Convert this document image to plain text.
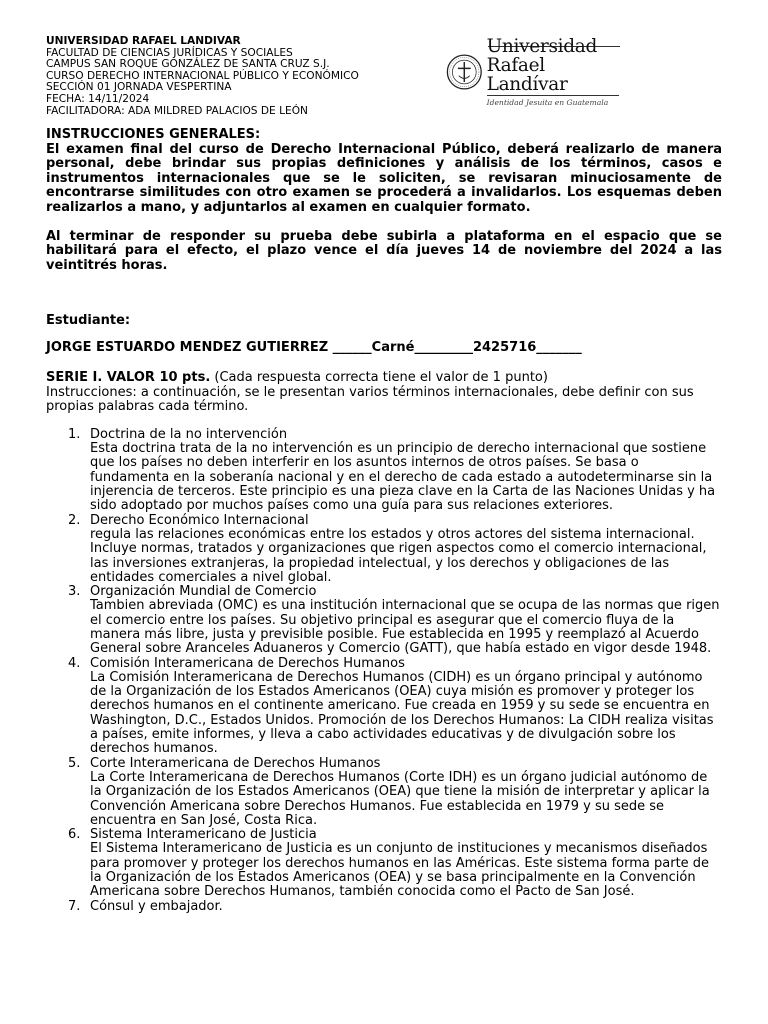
UNIVERSIDAD RAFAEL LANDIVAR
FACULTAD DE CIENCIAS JURÍDICAS Y SOCIALES
CAMPUS SAN ROQUE GONZÁLEZ DE SANTA CRUZ S.J.
CURSO DERECHO INTERNACIONAL PÚBLICO Y ECONÓMICO
SECCIÓN 01 JORNADA VESPERTINA
FECHA: 14/11/2024
FACILITADORA: ADA MILDRED PALACIOS DE LEÓN
Universidad
Rafael Landívar
Identidad Jesuita en Guatemala

INSTRUCCIONES GENERALES:

El examen final del curso de Derecho Internacional Público, deberá realizarlo de manera personal, debe brindar sus propias definiciones y análisis de los términos, casos e instrumentos internacionales que se le soliciten, se revisaran minuciosamente de encontrarse similitudes con otro examen se procederá a invalidarlos. Los esquemas deben realizarlos a mano, y adjuntarlos al examen en cualquier formato.

Al terminar de responder su prueba debe subirla a plataforma en el espacio que se habilitará para el efecto, el plazo vence el día jueves 14 de noviembre del 2024 a las veintitrés horas.

Estudiante:
JORGE ESTUARDO MENDEZ GUTIERREZ ______Carné_________2425716_______
SERIE I. VALOR 10 pts. (Cada respuesta correcta tiene el valor de 1 punto)
Instrucciones: a continuación, se le presentan varios términos internacionales, debe definir con sus propias palabras cada término.
1. Doctrina de la no intervención
Esta doctrina trata de la no intervención es un principio de derecho internacional que sostiene que los países no deben interferir en los asuntos internos de otros países. Se basa o fundamenta en la soberanía nacional y en el derecho de cada estado a autodeterminarse sin la injerencia de terceros. Este principio es una pieza clave en la Carta de las Naciones Unidas y ha sido adoptado por muchos países como una guía para sus relaciones exteriores.
2. Derecho Económico Internacional
regula las relaciones económicas entre los estados y otros actores del sistema internacional. Incluye normas, tratados y organizaciones que rigen aspectos como el comercio internacional, las inversiones extranjeras, la propiedad intelectual, y los derechos y obligaciones de las entidades comerciales a nivel global.
3. Organización Mundial de Comercio
Tambien abreviada (OMC) es una institución internacional que se ocupa de las normas que rigen el comercio entre los países. Su objetivo principal es asegurar que el comercio fluya de la manera más libre, justa y previsible posible. Fue establecida en 1995 y reemplazó al Acuerdo General sobre Aranceles Aduaneros y Comercio (GATT), que había estado en vigor desde 1948.
4. Comisión Interamericana de Derechos Humanos
La Comisión Interamericana de Derechos Humanos (CIDH) es un órgano principal y autónomo de la Organización de los Estados Americanos (OEA) cuya misión es promover y proteger los derechos humanos en el continente americano. Fue creada en 1959 y su sede se encuentra en Washington, D.C., Estados Unidos. Promoción de los Derechos Humanos: La CIDH realiza visitas a países, emite informes, y lleva a cabo actividades educativas y de divulgación sobre los derechos humanos.
5. Corte Interamericana de Derechos Humanos
La Corte Interamericana de Derechos Humanos (Corte IDH) es un órgano judicial autónomo de la Organización de los Estados Americanos (OEA) que tiene la misión de interpretar y aplicar la Convención Americana sobre Derechos Humanos. Fue establecida en 1979 y su sede se encuentra en San José, Costa Rica.
6. Sistema Interamericano de Justicia
El Sistema Interamericano de Justicia es un conjunto de instituciones y mecanismos diseñados para promover y proteger los derechos humanos en las Américas. Este sistema forma parte de la Organización de los Estados Americanos (OEA) y se basa principalmente en la Convención Americana sobre Derechos Humanos, también conocida como el Pacto de San José.
7. Cónsul y embajador.
